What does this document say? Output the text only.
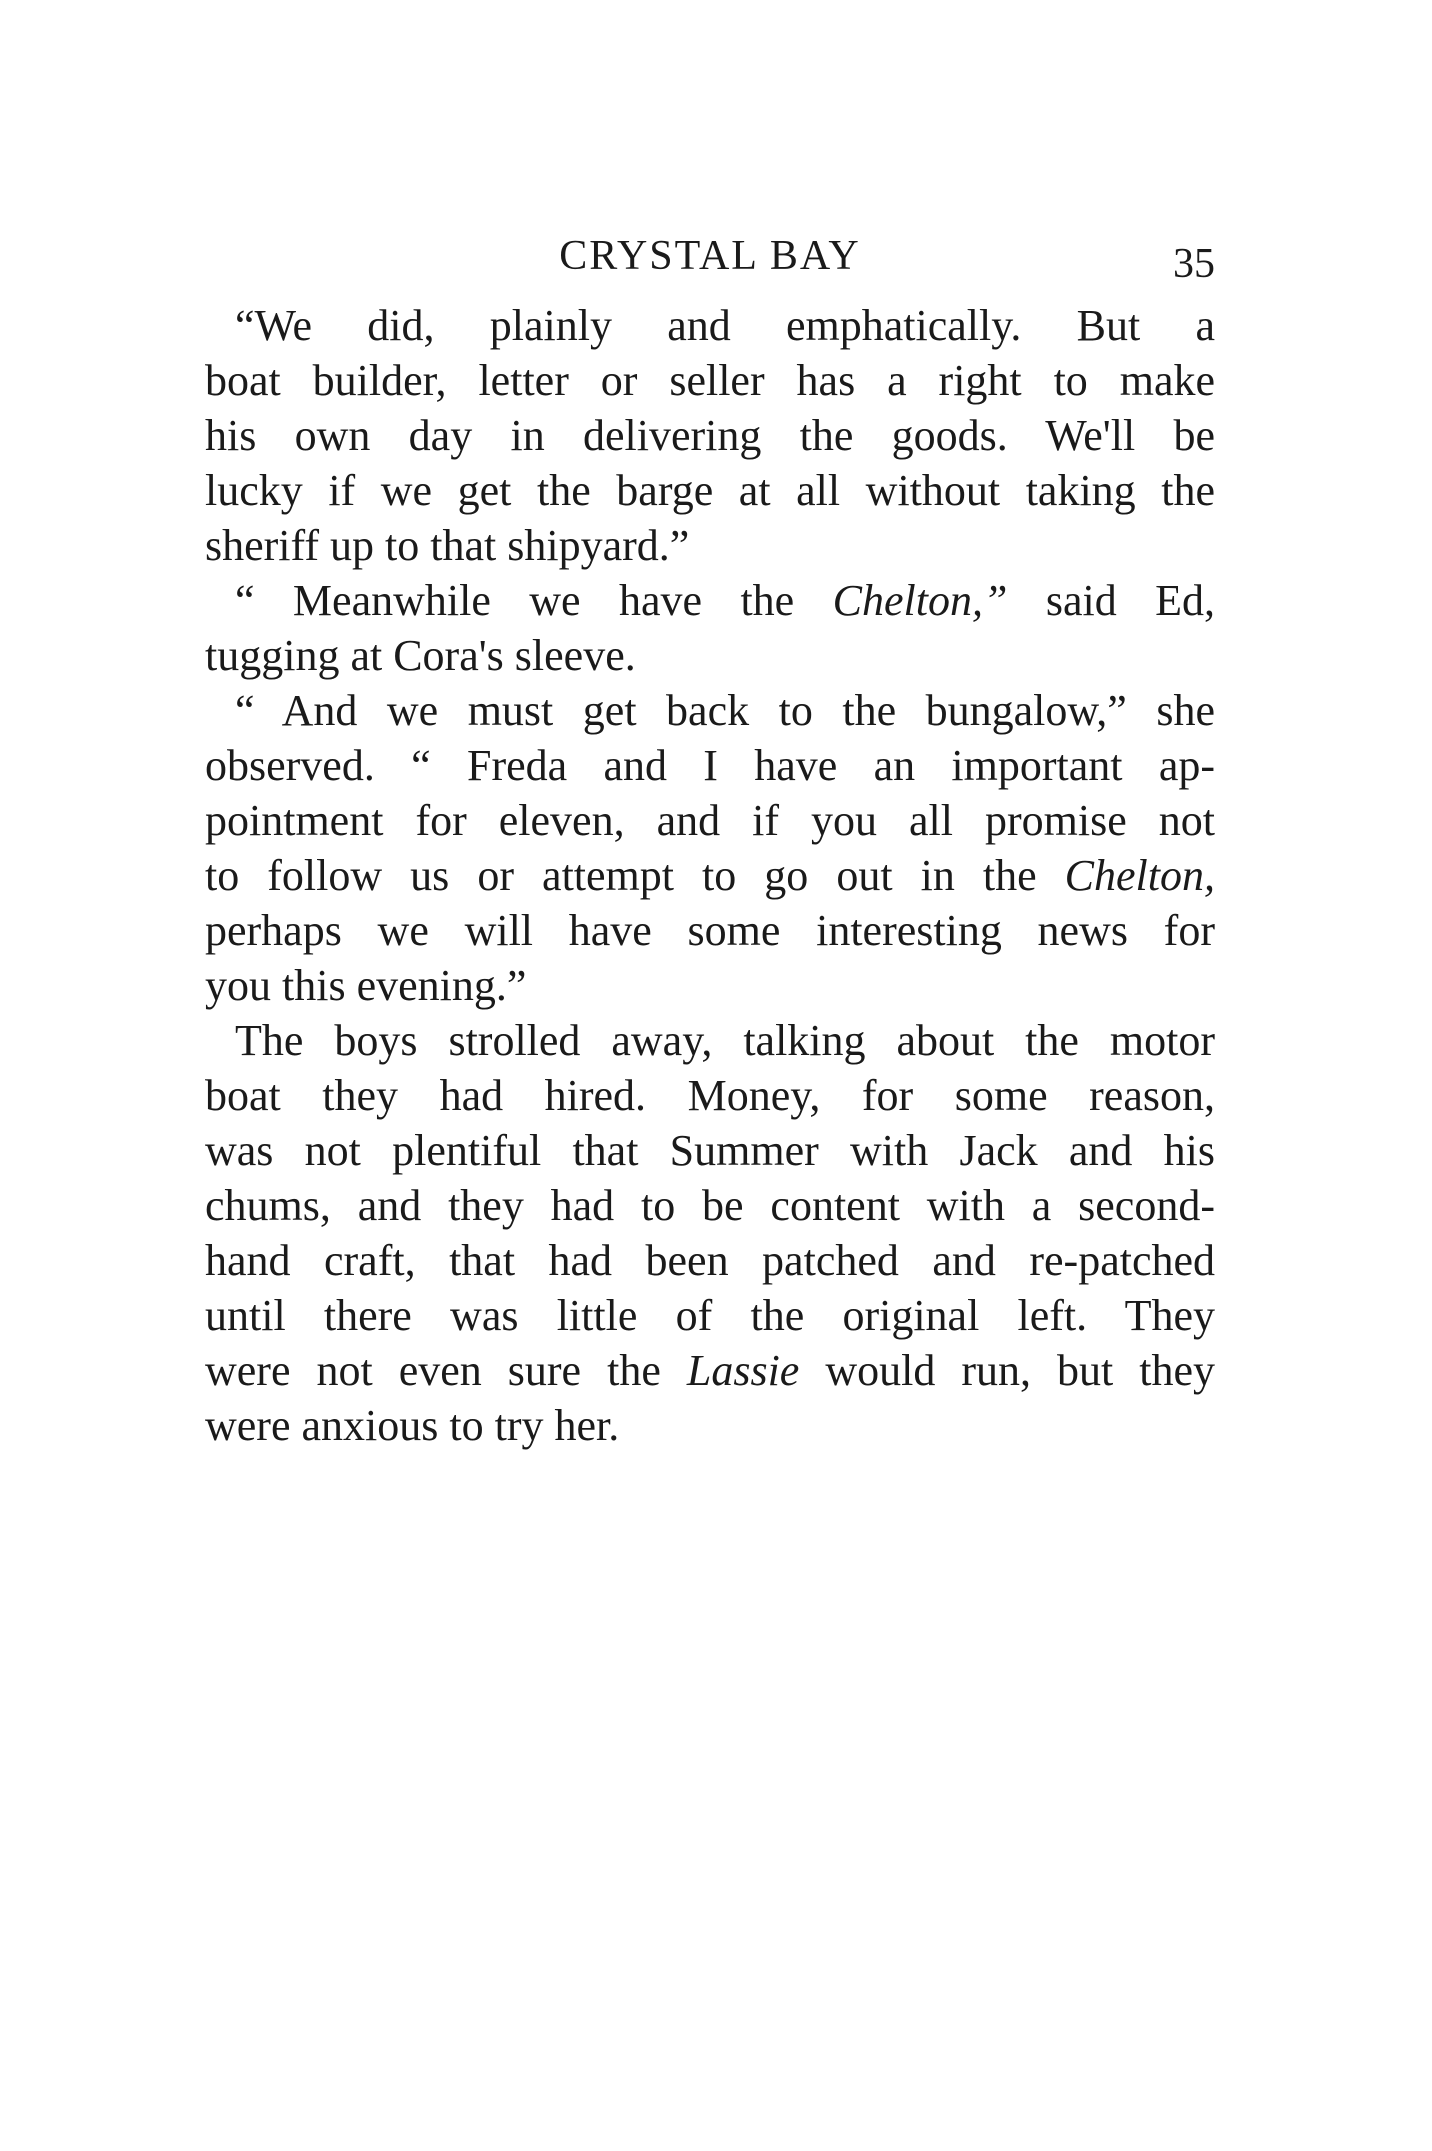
CRYSTAL BAY	35
“We did, plainly and emphatically. But a
boat builder, letter or seller has a right to make
his own day in delivering the goods. We'll be
lucky if we get the barge at all without taking the
sheriff up to that shipyard.”
“ Meanwhile we have the Chelton,” said Ed,
tugging at Cora's sleeve.
“ And we must get back to the bungalow,” she
observed. “ Freda and I have an important ap-
pointment for eleven, and if you all promise not
to follow us or attempt to go out in the Chelton,
perhaps we will have some interesting news for
you this evening.”
The boys strolled away, talking about the motor
boat they had hired. Money, for some reason,
was not plentiful that Summer with Jack and his
chums, and they had to be content with a second-
hand craft, that had been patched and re-patched
until there was little of the original left. They
were not even sure the Lassie would run, but they
were anxious to try her.
